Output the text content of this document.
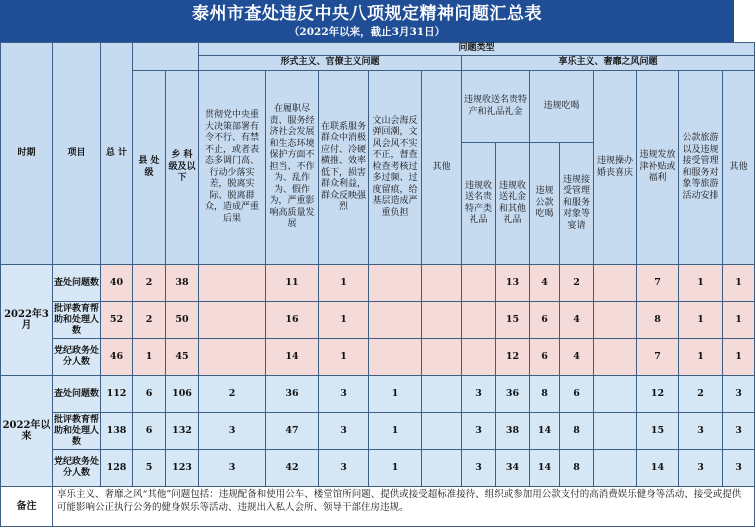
泰州市查处违反中央八项规定精神问题汇总表
（2022年以来，截止3月31日）
时期	项目	总 计			问题类型												
					形式主义、官僚主义问题					享乐主义、奢靡之风问题							
			县 处 级	乡 科 级及以下	贯彻党中央重大决策部署有令不行、有禁不止，或者表态多调门高、行动少落实差，脱离实际、脱离群众，造成严重后果	在履职尽责、服务经济社会发展和生态环境保护方面不担当、不作为、乱作为、假作为，严重影响高质量发展	在联系服务群众中消极应付、冷硬横推、效率低下，损害群众利益，群众反映强烈	文山会海反弹回潮，文风会风不实不正，督查检查考核过多过频、过度留痕，给基层造成严重负担	其他	违规收送名贵特产和礼品礼金		违规吃喝		违规操办婚丧喜庆	违规发放津补贴或福利	公款旅游以及违规接受管理和服务对象等旅游活动安排	其他
										违规收送名贵特产类礼品	违规收送礼金和其他礼品	违规公款吃喝	违规接受管理和服务对象等宴请				
2022年3月	查处问题数	40	2	38		11	1				13	4	2		7	1	1
	批评教育帮助和处理人数	52	2	50		16	1				15	6	4		8	1	1
	党纪政务处分人数	46	1	45		14	1				12	6	4		7	1	1
2022年以来	查处问题数	112	6	106	2	36	3	1		3	36	8	6		12	2	3
	批评教育帮助和处理人数	138	6	132	3	47	3	1		3	38	14	8		15	3	3
	党纪政务处分人数	128	5	123	3	42	3	1		3	34	14	8		14	3	3
备注	享乐主义、奢靡之风“其他”问题包括：违规配备和使用公车、楼堂馆所问题、提供或接受超标准接待、组织或参加用公款支付的高消费娱乐健身等活动、接受或提供可能影响公正执行公务的健身娱乐等活动、违规出入私人会所、领导干部住房违规。																
